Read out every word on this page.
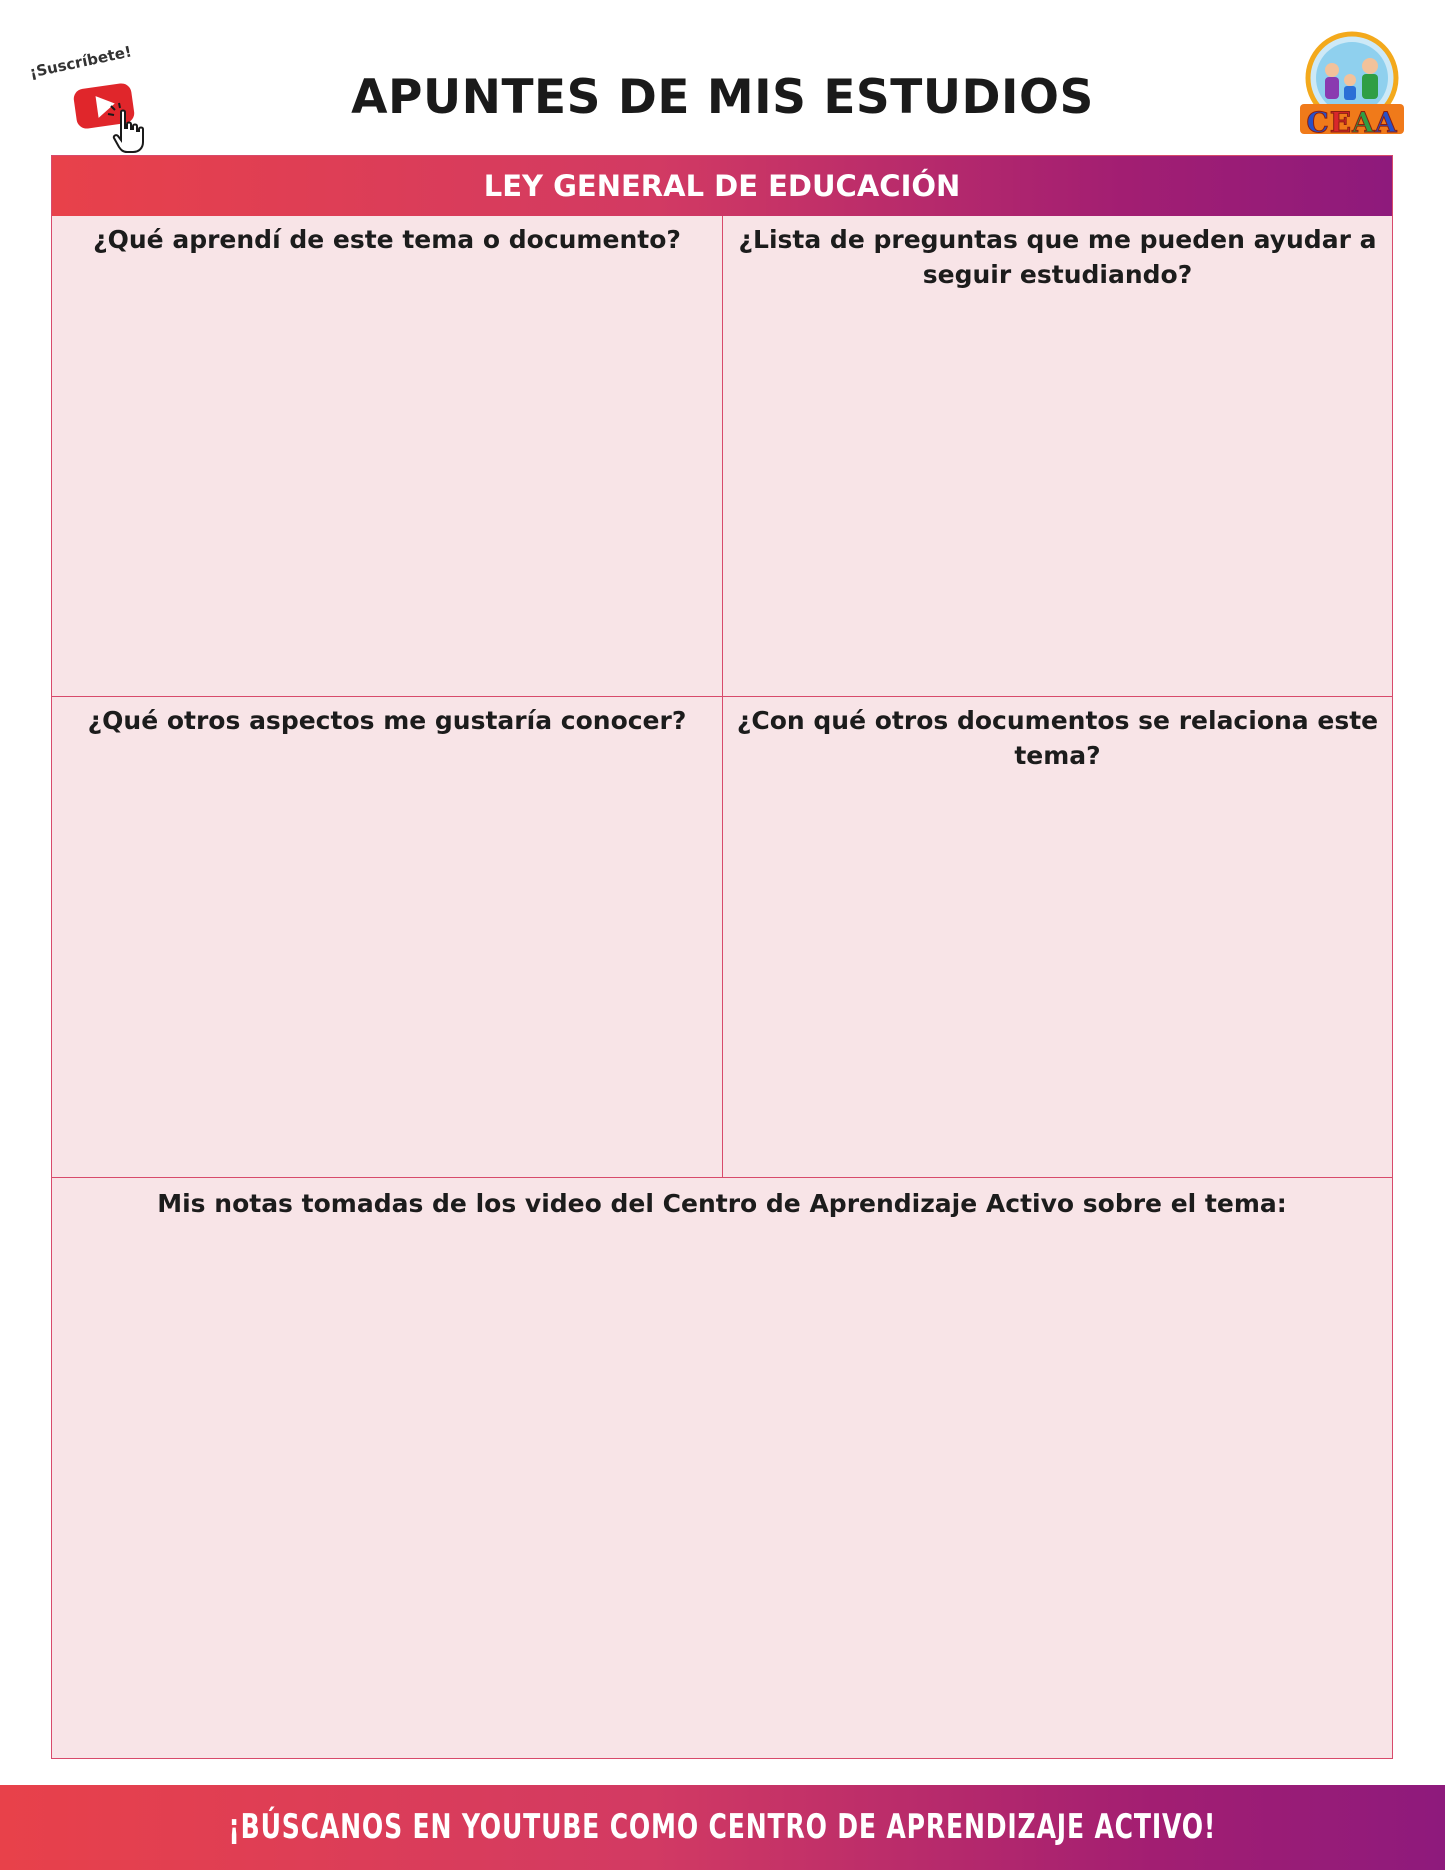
¡Suscríbete!
APUNTES DE MIS ESTUDIOS	CEAA
LEY GENERAL DE EDUCACIÓN
¿Qué aprendí de este tema o documento?	¿Lista de preguntas que me pueden ayudar a seguir estudiando?
¿Qué otros aspectos me gustaría conocer?	¿Con qué otros documentos se relaciona este tema?
Mis notas tomadas de los video del Centro de Aprendizaje Activo sobre el tema:
¡BÚSCANOS EN YOUTUBE COMO CENTRO DE APRENDIZAJE ACTIVO!
